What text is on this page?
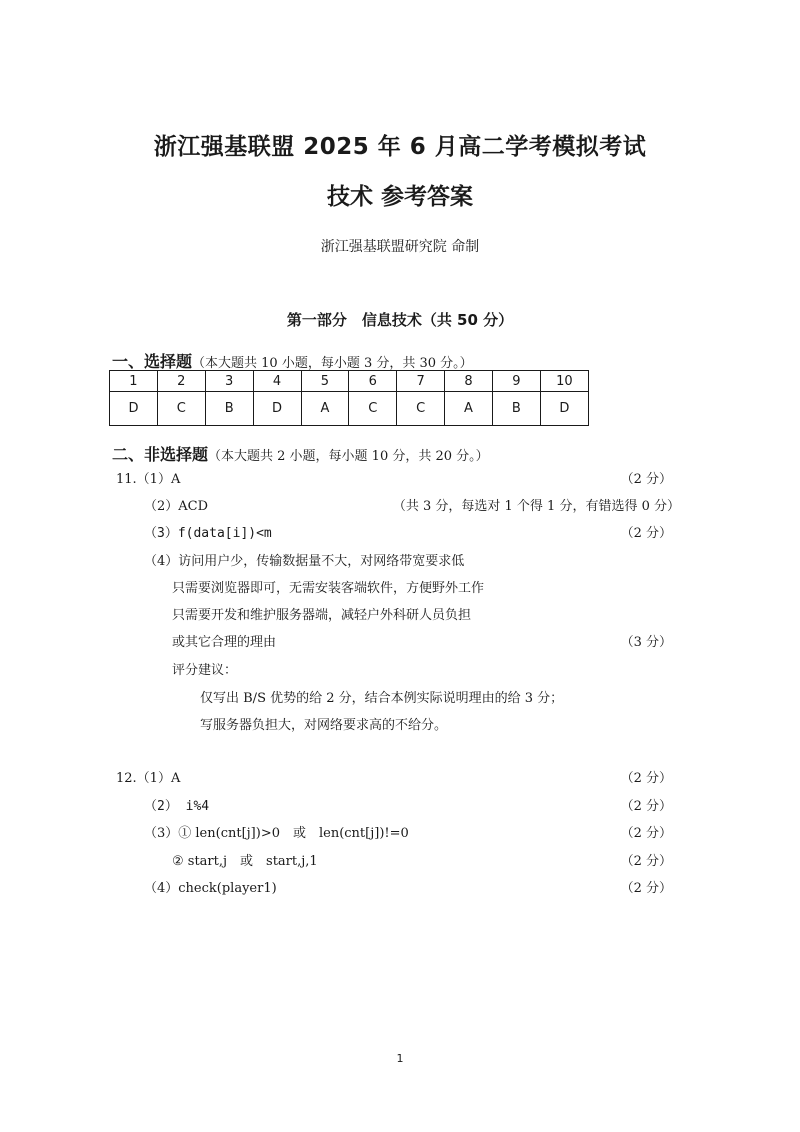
浙江强基联盟 2025 年 6 月高二学考模拟考试
技术 参考答案
浙江强基联盟研究院 命制
第一部分　信息技术（共 50 分）
一、选择题（本大题共 10 小题，每小题 3 分，共 30 分。）
1	2	3	4	5	6	7	8	9	10
D	C	B	D	A	C	C	A	B	D
二、非选择题（本大题共 2 小题，每小题 10 分，共 20 分。）
11.（1）A	（2 分）
（2）ACD	（共 3 分，每选对 1 个得 1 分，有错选得 0 分）
（3）f(data[i])<m	（2 分）
（4）访问用户少，传输数据量不大，对网络带宽要求低
只需要浏览器即可，无需安装客端软件，方便野外工作
只需要开发和维护服务器端，减轻户外科研人员负担
或其它合理的理由	（3 分）
评分建议：
仅写出 B/S 优势的给 2 分，结合本例实际说明理由的给 3 分；
写服务器负担大，对网络要求高的不给分。
12.（1）A	（2 分）
（2） i%4	（2 分）
（3）① len(cnt[j])>0　或　len(cnt[j])!=0	（2 分）
② start,j　或　start,j,1	（2 分）
（4）check(player1)	（2 分）
1
